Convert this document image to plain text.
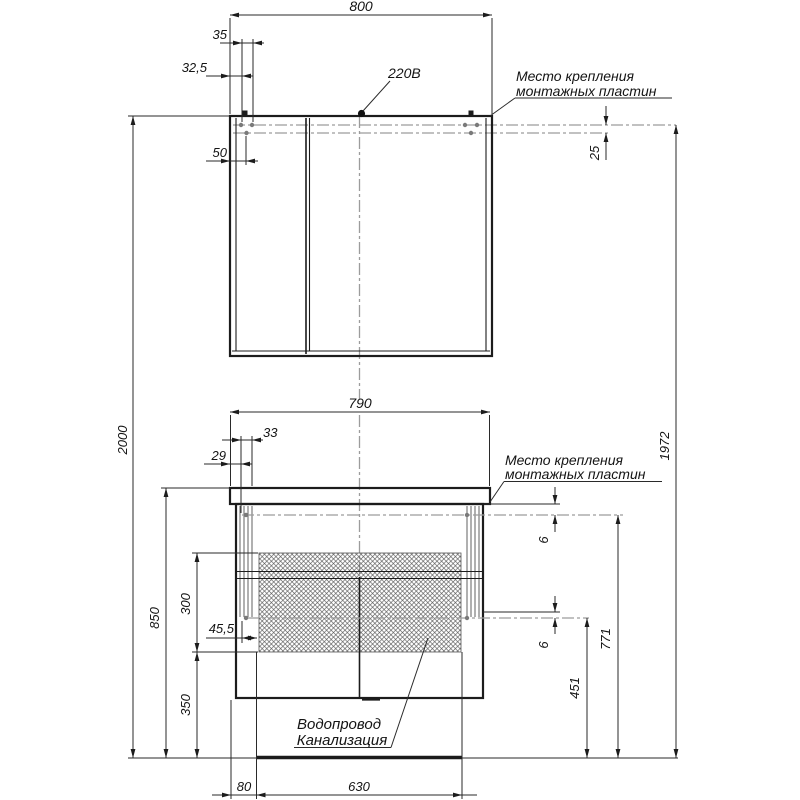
800
35
32,5
50	25
220В	Место крепления
монтажных пластин
2000	1972
790
33
29	Место крепления
монтажных пластин
6
6	771
451
850
300
45,5
350
Водопровод
Канализация
80	630
